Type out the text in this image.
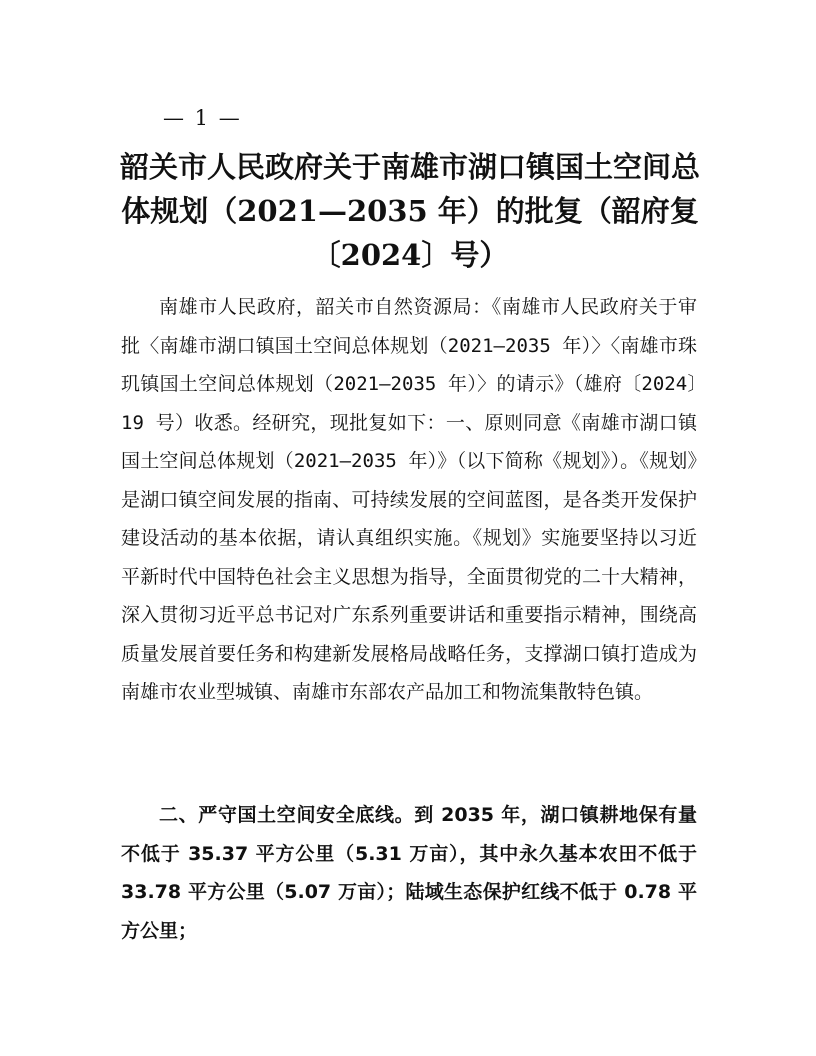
— 1 —
韶关市人民政府关于南雄市湖口镇国土空间总体规划（2021—2035 年）的批复（韶府复〔2024〕号）

南雄市人民政府，韶关市自然资源局：《南雄市人民政府关于审批〈南雄市湖口镇国土空间总体规划（2021—2035 年）〉〈南雄市珠玑镇国土空间总体规划（2021—2035 年）〉的请示》（雄府〔2024〕19 号）收悉。经研究，现批复如下：一、原则同意《南雄市湖口镇国土空间总体规划（2021—2035 年）》（以下简称《规划》）。《规划》是湖口镇空间发展的指南、可持续发展的空间蓝图，是各类开发保护建设活动的基本依据，请认真组织实施。《规划》实施要坚持以习近平新时代中国特色社会主义思想为指导，全面贯彻党的二十大精神，深入贯彻习近平总书记对广东系列重要讲话和重要指示精神，围绕高质量发展首要任务和构建新发展格局战略任务，支撑湖口镇打造成为南雄市农业型城镇、南雄市东部农产品加工和物流集散特色镇。

二、严守国土空间安全底线。到 2035 年，湖口镇耕地保有量不低于 35.37 平方公里（5.31 万亩），其中永久基本农田不低于 33.78 平方公里（5.07 万亩）；陆域生态保护红线不低于 0.78 平方公里；
